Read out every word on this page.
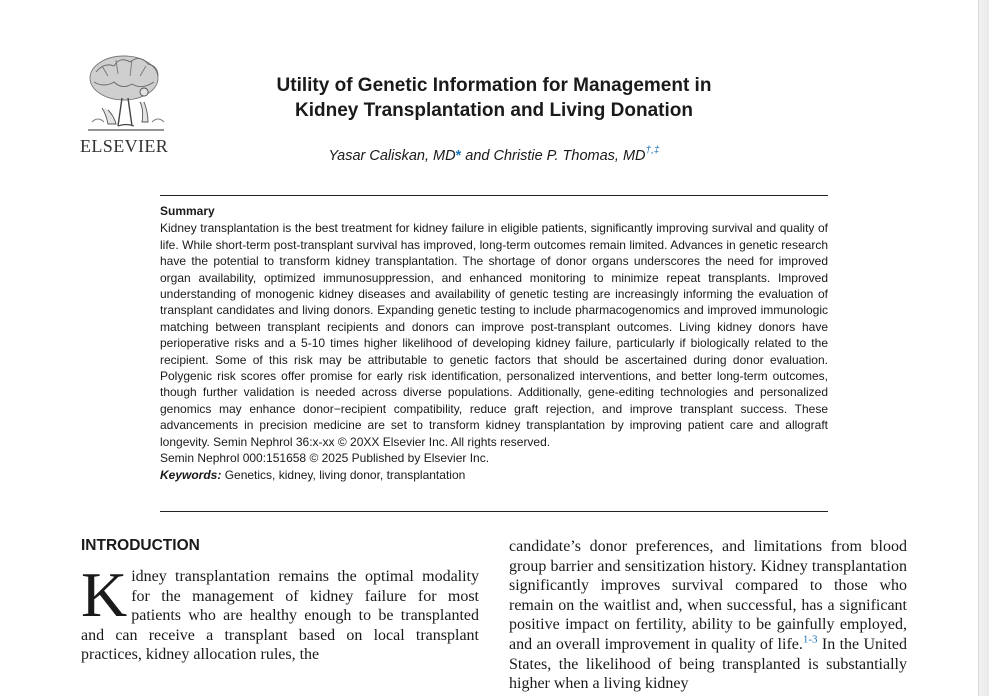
ELSEVIER
Utility of Genetic Information for Management in
Kidney Transplantation and Living Donation
Yasar Caliskan, MD* and Christie P. Thomas, MD†,‡
Summary

Kidney transplantation is the best treatment for kidney failure in eligible patients, significantly improving survival and quality of life. While short-term post-transplant survival has improved, long-term outcomes remain limited. Advances in genetic research have the potential to transform kidney transplantation. The shortage of donor organs underscores the need for improved organ availability, optimized immunosuppression, and enhanced monitoring to minimize repeat transplants. Improved understanding of monogenic kidney diseases and availability of genetic testing are increasingly informing the evaluation of transplant candidates and living donors. Expanding genetic testing to include pharmacogenomics and improved immunologic matching between transplant recipients and donors can improve post-transplant outcomes. Living kidney donors have perioperative risks and a 5-10 times higher likelihood of developing kidney failure, particularly if biologically related to the recipient. Some of this risk may be attributable to genetic factors that should be ascertained during donor evaluation. Polygenic risk scores offer promise for early risk identification, personalized interventions, and better long-term outcomes, though further validation is needed across diverse populations. Additionally, gene-editing technologies and personalized genomics may enhance donor−recipient compatibility, reduce graft rejection, and improve transplant success. These advancements in precision medicine are set to transform kidney transplantation by improving patient care and allograft longevity. Semin Nephrol 36:x-xx © 20XX Elsevier Inc. All rights reserved.

Semin Nephrol 000:151658 © 2025 Published by Elsevier Inc.

Keywords: Genetics, kidney, living donor, transplantation

INTRODUCTION

Kidney transplantation remains the optimal modality for the management of kidney failure for most patients who are healthy enough to be transplanted and can receive a transplant based on local transplant practices, kidney allocation rules, the

candidate’s donor preferences, and limitations from blood group barrier and sensitization history. Kidney transplantation significantly improves survival compared to those who remain on the waitlist and, when successful, has a significant positive impact on fertility, ability to be gainfully employed, and an overall improvement in quality of life.$^{1-3}$ In the United States, the likelihood of being transplanted is substantially higher when a living kidney
